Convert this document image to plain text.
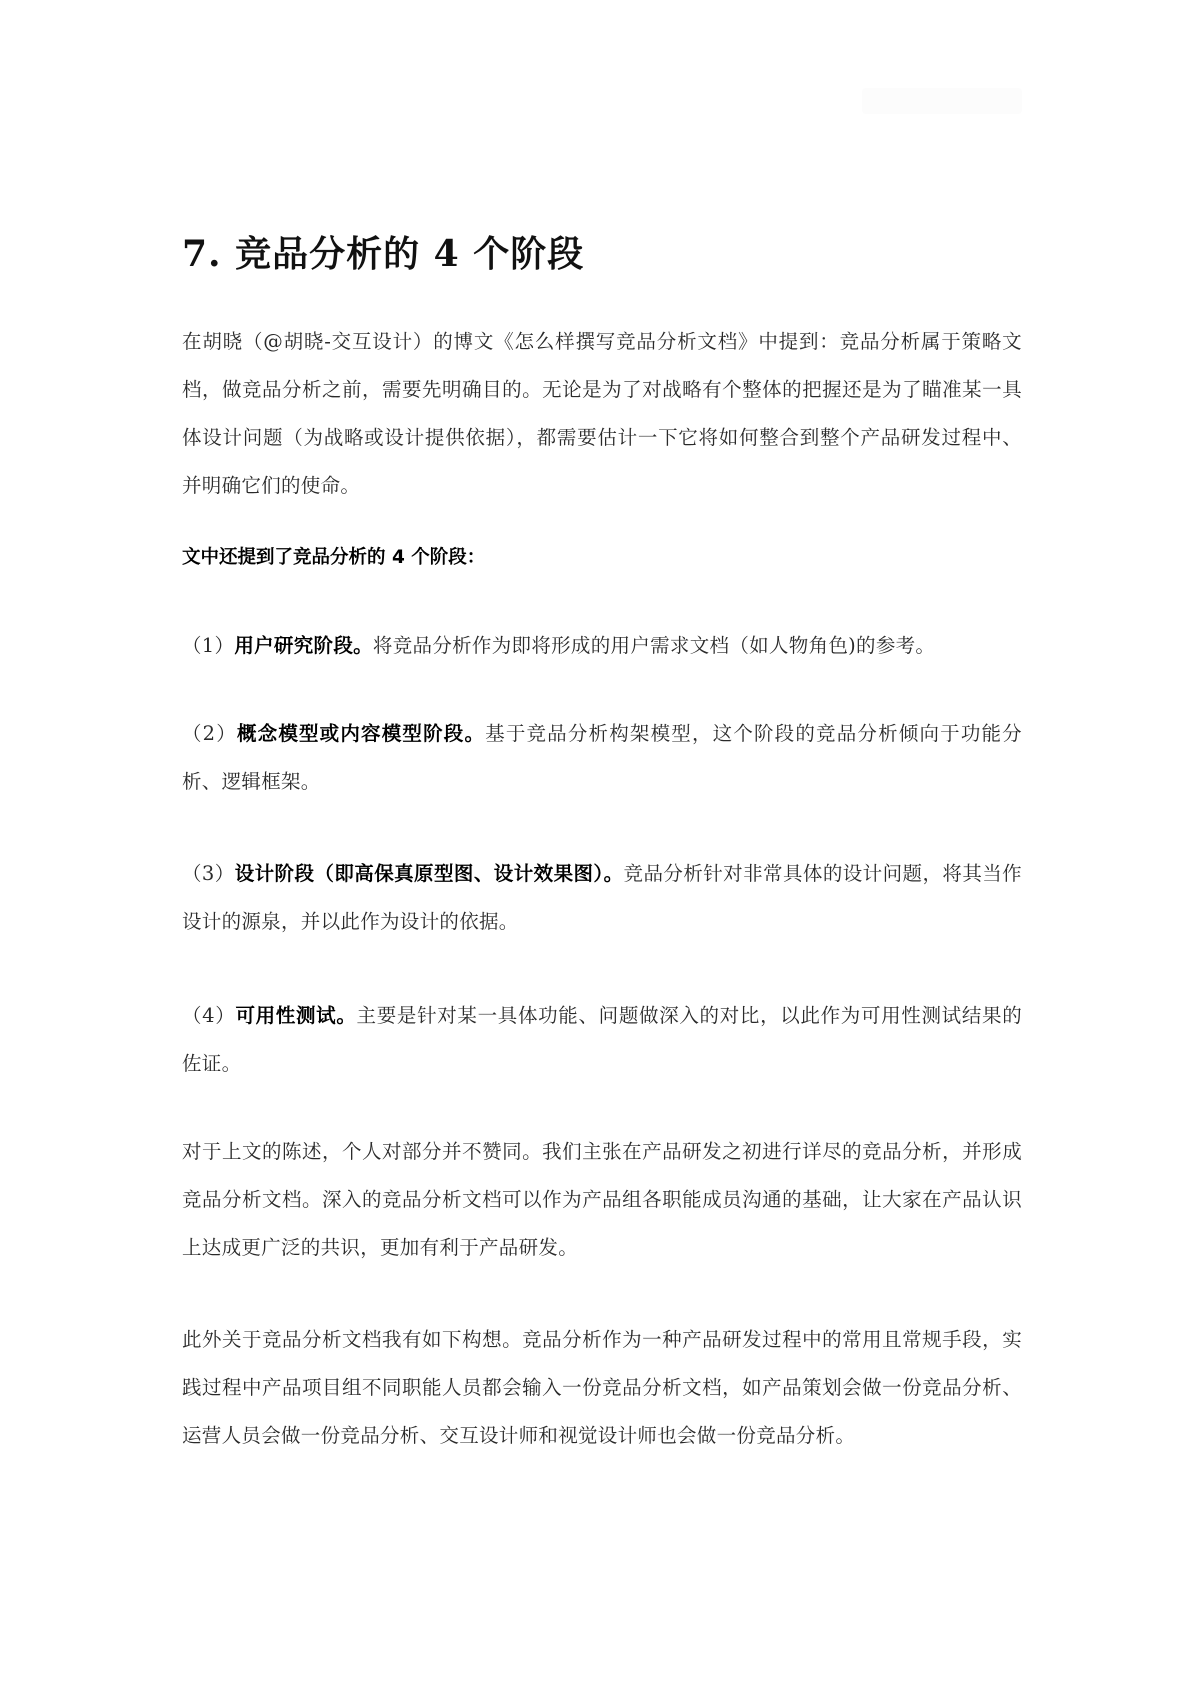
7. 竞品分析的 4 个阶段

在胡晓（@胡晓-交互设计）的博文《怎么样撰写竞品分析文档》中提到：竞品分析属于策略文档，做竞品分析之前，需要先明确目的。无论是为了对战略有个整体的把握还是为了瞄准某一具体设计问题（为战略或设计提供依据），都需要估计一下它将如何整合到整个产品研发过程中、并明确它们的使命。

文中还提到了竞品分析的 4 个阶段：

（1）用户研究阶段。将竞品分析作为即将形成的用户需求文档（如人物角色)的参考。

（2）概念模型或内容模型阶段。基于竞品分析构架模型，这个阶段的竞品分析倾向于功能分析、逻辑框架。

（3）设计阶段（即高保真原型图、设计效果图）。竞品分析针对非常具体的设计问题，将其当作设计的源泉，并以此作为设计的依据。

（4）可用性测试。主要是针对某一具体功能、问题做深入的对比，以此作为可用性测试结果的佐证。

对于上文的陈述，个人对部分并不赞同。我们主张在产品研发之初进行详尽的竞品分析，并形成竞品分析文档。深入的竞品分析文档可以作为产品组各职能成员沟通的基础，让大家在产品认识上达成更广泛的共识，更加有利于产品研发。

此外关于竞品分析文档我有如下构想。竞品分析作为一种产品研发过程中的常用且常规手段，实践过程中产品项目组不同职能人员都会输入一份竞品分析文档，如产品策划会做一份竞品分析、运营人员会做一份竞品分析、交互设计师和视觉设计师也会做一份竞品分析。
